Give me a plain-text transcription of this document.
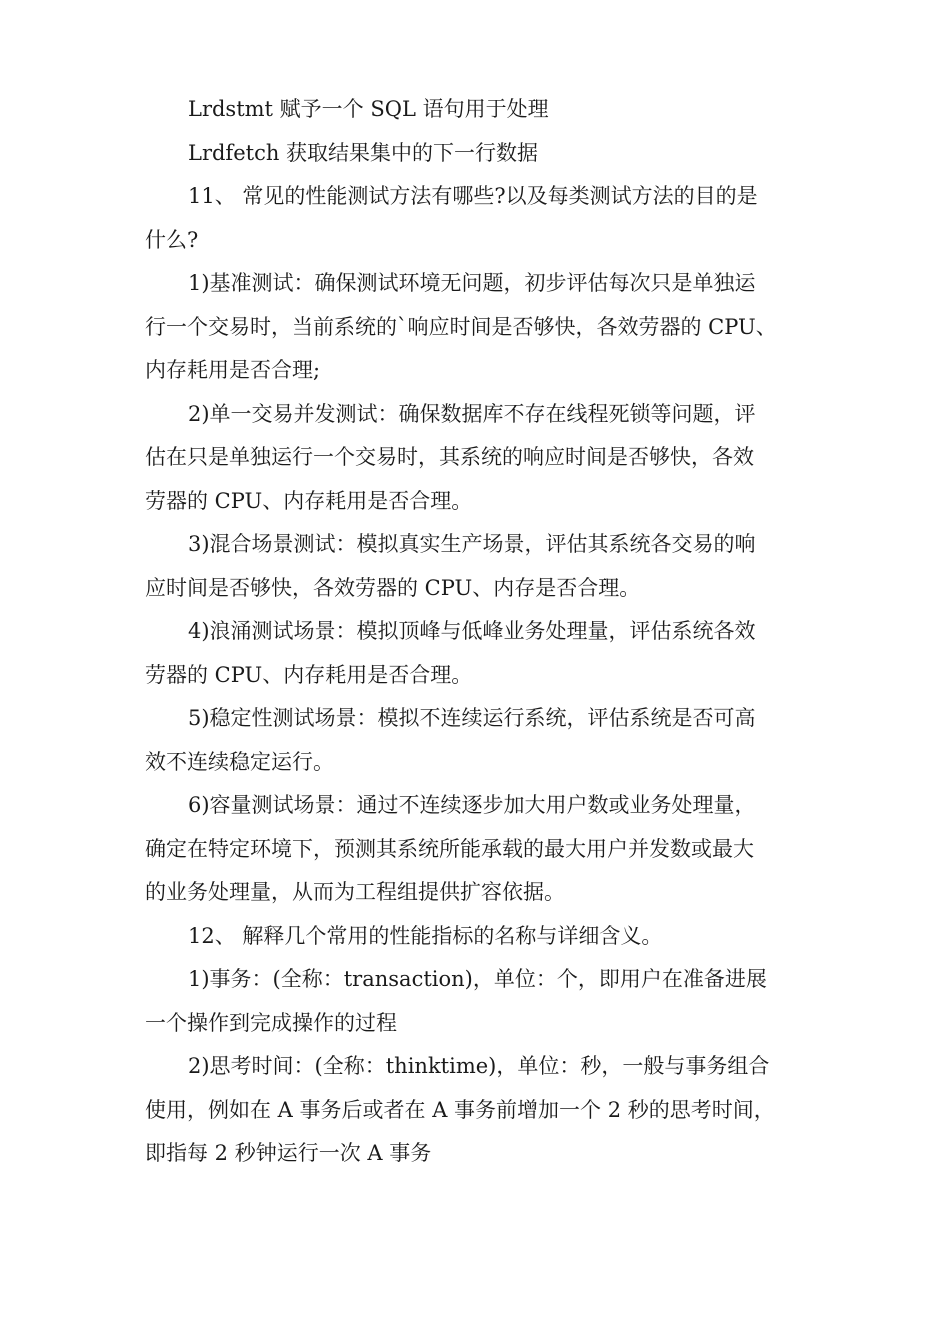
Lrdstmt 赋予一个 SQL 语句用于处理

Lrdfetch 获取结果集中的下一行数据

11、 常见的性能测试方法有哪些?以及每类测试方法的目的是

什么?

1)基准测试：确保测试环境无问题，初步评估每次只是单独运

行一个交易时，当前系统的`响应时间是否够快，各效劳器的 CPU、

内存耗用是否合理;

2)单一交易并发测试：确保数据库不存在线程死锁等问题，评

估在只是单独运行一个交易时，其系统的响应时间是否够快，各效

劳器的 CPU、内存耗用是否合理。

3)混合场景测试：模拟真实生产场景，评估其系统各交易的响

应时间是否够快，各效劳器的 CPU、内存是否合理。

4)浪涌测试场景：模拟顶峰与低峰业务处理量，评估系统各效

劳器的 CPU、内存耗用是否合理。

5)稳定性测试场景：模拟不连续运行系统，评估系统是否可高

效不连续稳定运行。

6)容量测试场景：通过不连续逐步加大用户数或业务处理量，

确定在特定环境下，预测其系统所能承载的最大用户并发数或最大

的业务处理量，从而为工程组提供扩容依据。

12、 解释几个常用的性能指标的名称与详细含义。

1)事务：(全称：transaction)，单位：个，即用户在准备进展

一个操作到完成操作的过程

2)思考时间：(全称：thinktime)，单位：秒，一般与事务组合

使用，例如在 A 事务后或者在 A 事务前增加一个 2 秒的思考时间，

即指每 2 秒钟运行一次 A 事务
